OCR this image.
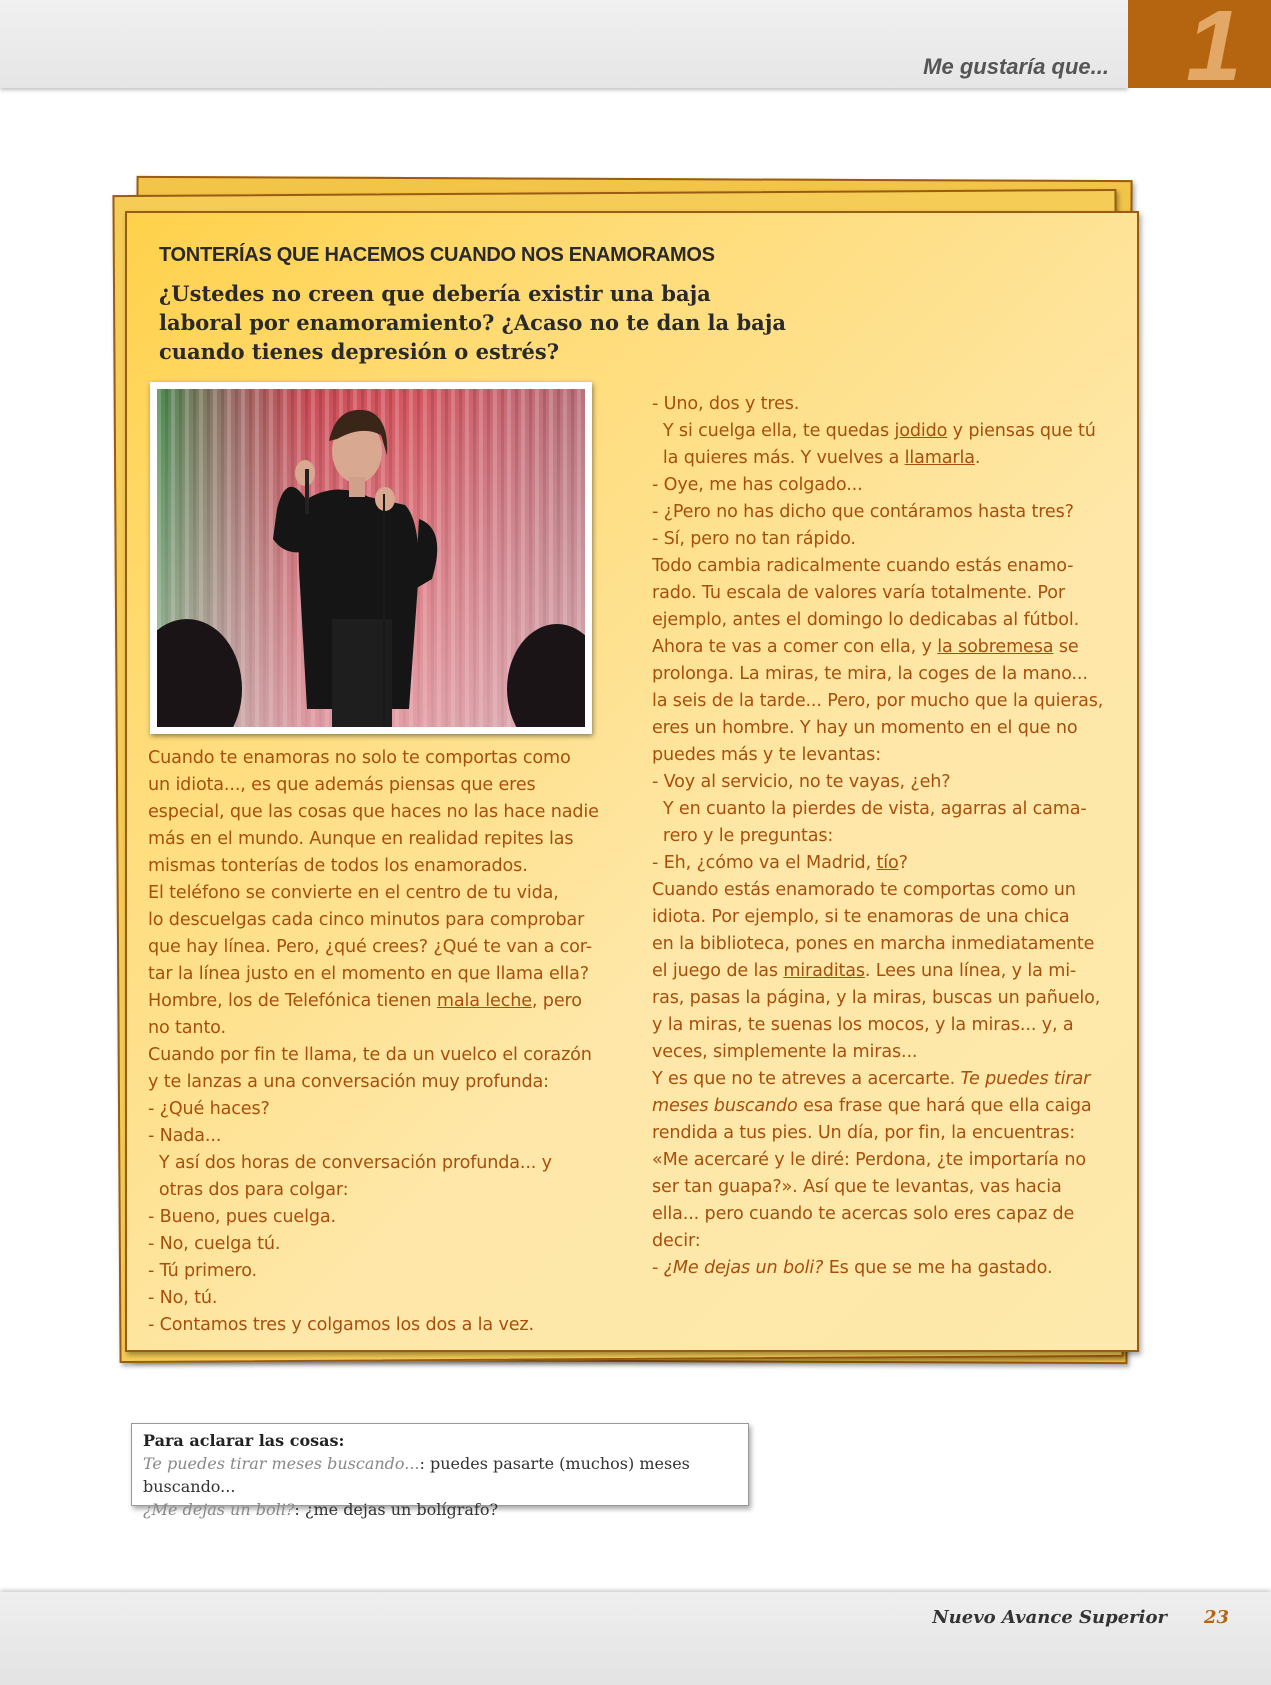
Me gustaría que... 1
TONTERÍAS QUE HACEMOS CUANDO NOS ENAMORAMOS

¿Ustedes no creen que debería existir una baja laboral por enamoramiento? ¿Acaso no te dan la baja cuando tienes depresión o estrés?

Cuando te enamoras no solo te comportas como
un idiota..., es que además piensas que eres
especial, que las cosas que haces no las hace nadie
más en el mundo. Aunque en realidad repites las
mismas tonterías de todos los enamorados.
El teléfono se convierte en el centro de tu vida,
lo descuelgas cada cinco minutos para comprobar
que hay línea. Pero, ¿qué crees? ¿Qué te van a cor-
tar la línea justo en el momento en que llama ella?
Hombre, los de Telefónica tienen mala leche, pero
no tanto.
Cuando por fin te llama, te da un vuelco el corazón
y te lanzas a una conversación muy profunda:
- ¿Qué haces?
- Nada...
Y así dos horas de conversación profunda... y
otras dos para colgar:
- Bueno, pues cuelga.
- No, cuelga tú.
- Tú primero.
- No, tú.
- Contamos tres y colgamos los dos a la vez.
- Uno, dos y tres.
Y si cuelga ella, te quedas jodido y piensas que tú
la quieres más. Y vuelves a llamarla.
- Oye, me has colgado...
- ¿Pero no has dicho que contáramos hasta tres?
- Sí, pero no tan rápido.
Todo cambia radicalmente cuando estás enamo-
rado. Tu escala de valores varía totalmente. Por
ejemplo, antes el domingo lo dedicabas al fútbol.
Ahora te vas a comer con ella, y la sobremesa se
prolonga. La miras, te mira, la coges de la mano...
la seis de la tarde... Pero, por mucho que la quieras,
eres un hombre. Y hay un momento en el que no
puedes más y te levantas:
- Voy al servicio, no te vayas, ¿eh?
Y en cuanto la pierdes de vista, agarras al cama-
rero y le preguntas:
- Eh, ¿cómo va el Madrid, tío?
Cuando estás enamorado te comportas como un
idiota. Por ejemplo, si te enamoras de una chica
en la biblioteca, pones en marcha inmediatamente
el juego de las miraditas. Lees una línea, y la mi-
ras, pasas la página, y la miras, buscas un pañuelo,
y la miras, te suenas los mocos, y la miras... y, a
veces, simplemente la miras...
Y es que no te atreves a acercarte. Te puedes tirar
meses buscando esa frase que hará que ella caiga
rendida a tus pies. Un día, por fin, la encuentras:
«Me acercaré y le diré: Perdona, ¿te importaría no
ser tan guapa?». Así que te levantas, vas hacia
ella... pero cuando te acercas solo eres capaz de
decir:
- ¿Me dejas un boli? Es que se me ha gastado.
Para aclarar las cosas:
Te puedes tirar meses buscando...: puedes pasarte (muchos) meses buscando...
¿Me dejas un boli?: ¿me dejas un bolígrafo?
Nuevo Avance Superior 23
